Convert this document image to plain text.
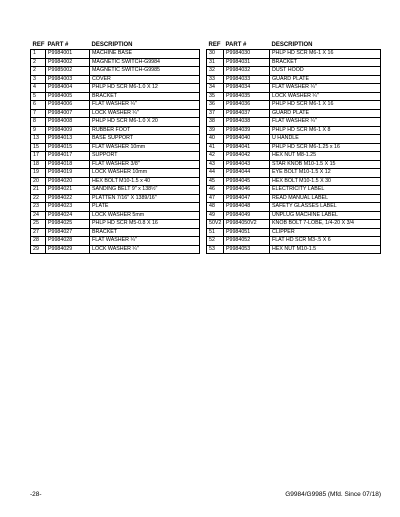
REF	PART #	DESCRIPTION
1	P9984001	MACHINE BASE
2	P9984002	MAGNETIC SWITCH-G9984
2	P9985002	MAGNETIC SWITCH-G9985
3	P9984003	COVER
4	P9984004	PHLP HD SCR M6-1.0 X 12
5	P9984005	BRACKET
6	P9984006	FLAT WASHER ¼"
7	P9984007	LOCK WASHER ¼"
8	P9984008	PHLP HD SCR M6-1.0 X 20
9	P9984009	RUBBER FOOT
13	P9984013	BASE SUPPORT
15	P9984015	FLAT WASHER 10mm
17	P9984017	SUPPORT
18	P9984018	FLAT WASHER 3/8"
19	P9984019	LOCK WASHER 10mm
20	P9984020	HEX BOLT M10-1.5 x 40
21	P9984021	SANDING BELT 9" x 138½"
22	P9984022	PLATTEN 7/16" X 1389/16"
23	P9984023	PLATE
24	P9984024	LOCK WASHER 5mm
25	P9984025	PHLP HD SCR M5-0.8 X 16
27	P9984027	BRACKET
28	P9984028	FLAT WASHER ¼"
29	P9984029	LOCK WASHER ¼"
REF	PART #	DESCRIPTION
30	P9984030	PHLP HD SCR M6-1 X 16
31	P9984031	BRACKET
32	P9984032	DUST HOOD
33	P9984033	GUARD PLATE
34	P9984034	FLAT WASHER ¼"
35	P9984035	LOCK WASHER ¼"
36	P9984036	PHLP HD SCR M6-1 X 16
37	P9984037	GUARD PLATE
38	P9984038	FLAT WASHER ¼"
39	P9984039	PHLP HD SCR M6-1 X 8
40	P9984040	U HANDLE
41	P9984041	PHLP HD SCR M6-1.25 x 16
42	P9984042	HEX NUT M8-1.25
43	P9984043	STAR KNOB M10-1.5 X 15
44	P9984044	EYE BOLT M10-1.5 X 12
45	P9984045	HEX BOLT M10-1.5 X 30
46	P9984046	ELECTRICITY LABEL
47	P9984047	READ MANUAL LABEL
48	P9984048	SAFETY GLASSES LABEL
49	P9984049	UNPLUG MACHINE LABEL
50V2	P9984050V2	KNOB BOLT 7-LOBE, 1/4-20 X 3/4
51	P9984051	CLIPPER
52	P9984052	FLAT HD SCR M3-.5 X 6
53	P9984053	HEX NUT M10-1.5
-28-	G9984/G9985 (Mfd. Since 07/18)
